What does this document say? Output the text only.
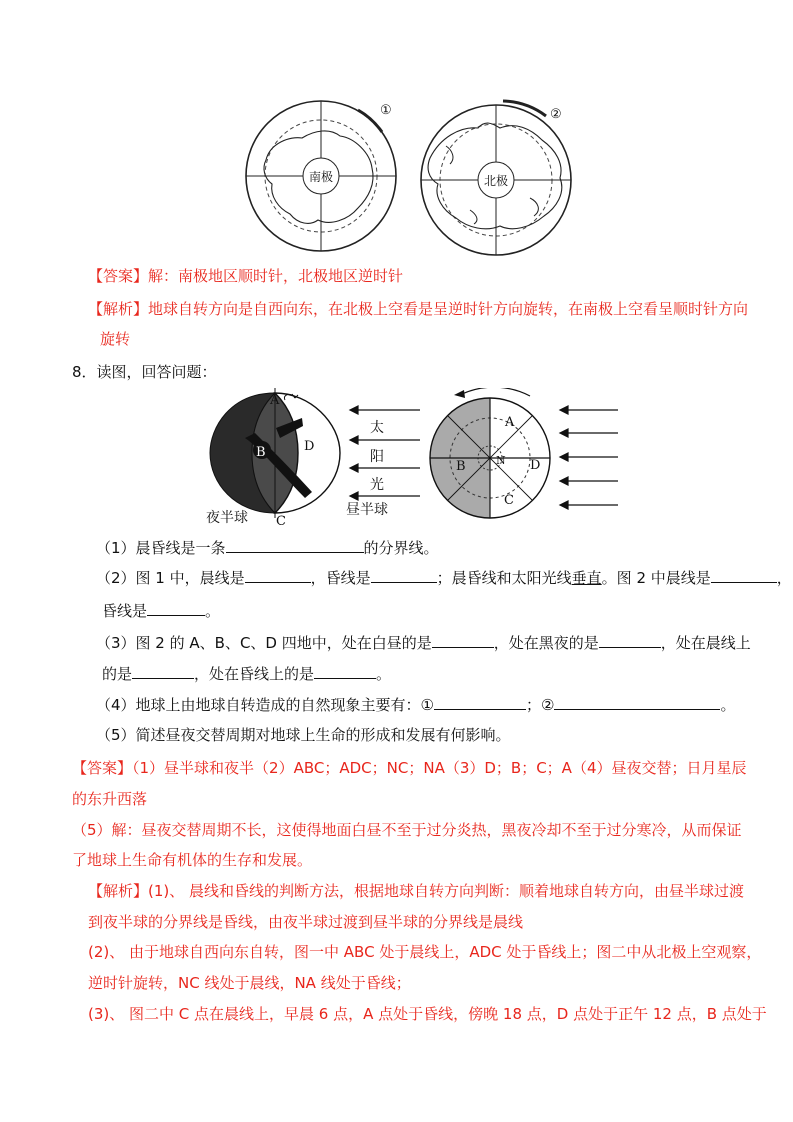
南极
①
北极
②
【答案】解：南极地区顺时针，北极地区逆时针
【解析】地球自转方向是自西向东，在北极上空看是呈逆时针方向旋转，在南极上空看呈顺时针方向
旋转
8．读图，回答问题：
A
B
C
D
太
阳
光
昼半球
夜半球
A
B
C
D
N
（1）晨昏线是一条	的分界线。
（2）图 1 中，晨线是	，昏线是	；晨昏线和太阳光线垂直。图 2 中晨线是	，
昏线是	。
（3）图 2 的 A、B、C、D 四地中，处在白昼的是	，处在黑夜的是	，处在晨线上
的是	，处在昏线上的是	。
（4）地球上由地球自转造成的自然现象主要有：①	；②	。
（5）简述昼夜交替周期对地球上生命的形成和发展有何影响。
【答案】（1）昼半球和夜半（2）ABC；ADC；NC；NA（3）D；B；C；A（4）昼夜交替；日月星辰
的东升西落
（5）解：昼夜交替周期不长，这使得地面白昼不至于过分炎热，黑夜冷却不至于过分寒冷，从而保证
了地球上生命有机体的生存和发展。
【解析】(1)、 晨线和昏线的判断方法，根据地球自转方向判断：顺着地球自转方向，由昼半球过渡
到夜半球的分界线是昏线，由夜半球过渡到昼半球的分界线是晨线
(2)、 由于地球自西向东自转，图一中 ABC 处于晨线上，ADC 处于昏线上；图二中从北极上空观察，
逆时针旋转，NC 线处于晨线，NA 线处于昏线；
(3)、 图二中 C 点在晨线上，早晨 6 点，A 点处于昏线，傍晚 18 点，D 点处于正午 12 点，B 点处于
